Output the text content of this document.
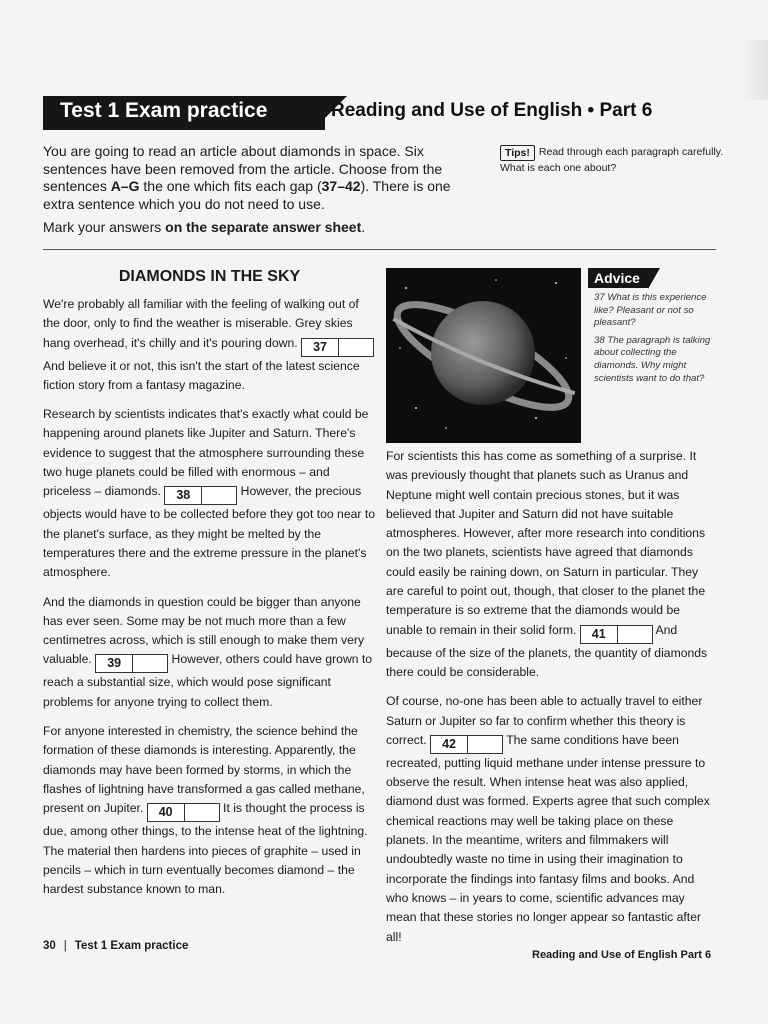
Test 1 Exam practice	Reading and Use of English • Part 6

You are going to read an article about diamonds in space. Six sentences have been removed from the article. Choose from the sentences A–G the one which fits each gap (37–42). There is one extra sentence which you do not need to use.

Mark your answers on the separate answer sheet.

Tips! Read through each paragraph carefully. What is each one about?
DIAMONDS IN THE SKY

We're probably all familiar with the feeling of walking out of the door, only to find the weather is miserable. Grey skies hang overhead, it's chilly and it's pouring down. 37 And believe it or not, this isn't the start of the latest science fiction story from a fantasy magazine.

Research by scientists indicates that's exactly what could be happening around planets like Jupiter and Saturn. There's evidence to suggest that the atmosphere surrounding these two huge planets could be filled with enormous – and priceless – diamonds. 38	However, the precious objects would have to be collected before they got too near to the planet's surface, as they might be melted by the temperatures there and the extreme pressure in the planet's atmosphere.

And the diamonds in question could be bigger than anyone has ever seen. Some may be not much more than a few centimetres across, which is still enough to make them very valuable. 39	However, others could have grown to reach a substantial size, which would pose significant problems for anyone trying to collect them.

For anyone interested in chemistry, the science behind the formation of these diamonds is interesting. Apparently, the diamonds may have been formed by storms, in which the flashes of lightning have transformed a gas called methane, present on Jupiter. 40	It is thought the process is due, among other things, to the intense heat of the lightning. The material then hardens into pieces of graphite – used in pencils – which in turn eventually becomes diamond – the hardest substance known to man.

Advice

37 What is this experience like? Pleasant or not so pleasant?

38 The paragraph is talking about collecting the diamonds. Why might scientists want to do that?

For scientists this has come as something of a surprise. It was previously thought that planets such as Uranus and Neptune might well contain precious stones, but it was believed that Jupiter and Saturn did not have suitable atmospheres. However, after more research into conditions on the two planets, scientists have agreed that diamonds could easily be raining down, on Saturn in particular. They are careful to point out, though, that closer to the planet the temperature is so extreme that the diamonds would be unable to remain in their solid form. 41	And because of the size of the planets, the quantity of diamonds there could be considerable.

Of course, no-one has been able to actually travel to either Saturn or Jupiter so far to confirm whether this theory is correct. 42	The same conditions have been recreated, putting liquid methane under intense pressure to observe the result. When intense heat was also applied, diamond dust was formed. Experts agree that such complex chemical reactions may well be taking place on these planets. In the meantime, writers and filmmakers will undoubtedly waste no time in using their imagination to incorporate the findings into fantasy films and books. And who knows – in years to come, scientific advances may mean that these stories no longer appear so fantastic after all!

30 | Test 1 Exam practice
Reading and Use of English Part 6
